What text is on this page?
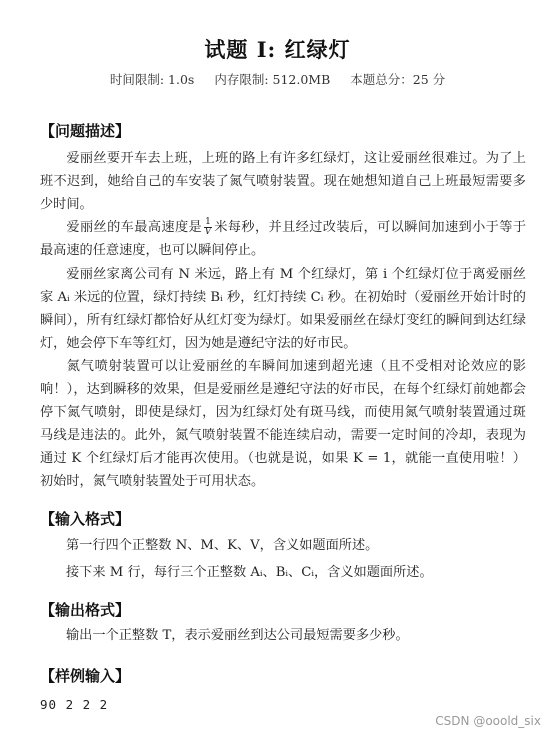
试题 I: 红绿灯
时间限制: 1.0s 内存限制: 512.0MB 本题总分：25 分
【问题描述】
爱丽丝要开车去上班，上班的路上有许多红绿灯，这让爱丽丝很难过。为了上班不迟到，她给自己的车安装了氮气喷射装置。现在她想知道自己上班最短需要多少时间。
爱丽丝的车最高速度是 $\frac{1}{V}$ 米每秒，并且经过改装后，可以瞬间加速到小于等于最高速的任意速度，也可以瞬间停止。
爱丽丝家离公司有 N 米远，路上有 M 个红绿灯，第 i 个红绿灯位于离爱丽丝家 Aᵢ 米远的位置，绿灯持续 Bᵢ 秒，红灯持续 Cᵢ 秒。在初始时（爱丽丝开始计时的瞬间），所有红绿灯都恰好从红灯变为绿灯。如果爱丽丝在绿灯变红的瞬间到达红绿灯，她会停下车等红灯，因为她是遵纪守法的好市民。
氮气喷射装置可以让爱丽丝的车瞬间加速到超光速（且不受相对论效应的影响！），达到瞬移的效果，但是爱丽丝是遵纪守法的好市民，在每个红绿灯前她都会停下氮气喷射，即使是绿灯，因为红绿灯处有斑马线，而使用氮气喷射装置通过斑马线是违法的。此外，氮气喷射装置不能连续启动，需要一定时间的冷却，表现为通过 K 个红绿灯后才能再次使用。（也就是说，如果 K = 1，就能一直使用啦！）初始时，氮气喷射装置处于可用状态。
【输入格式】
第一行四个正整数 N、M、K、V，含义如题面所述。
接下来 M 行，每行三个正整数 Aᵢ、Bᵢ、Cᵢ，含义如题面所述。
【输出格式】
输出一个正整数 T，表示爱丽丝到达公司最短需要多少秒。
【样例输入】
90 2 2 2
CSDN @ooold_six
